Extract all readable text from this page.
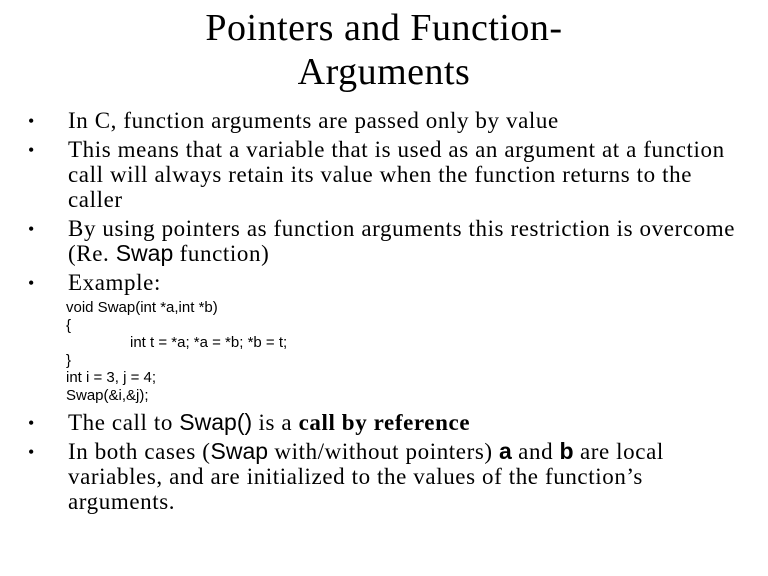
Pointers and Function-
Arguments
• In C, function arguments are passed only by value
• This means that a variable that is used as an argument at a function call will always retain its value when the function returns to the caller
• By using pointers as function arguments this restriction is overcome (Re. Swap function)
• Example:
void Swap(int *a,int *b)
{
int t = *a; *a = *b; *b = t;
}
int i = 3, j = 4;
Swap(&i,&j);
• The call to Swap() is a call by reference
• In both cases (Swap with/without pointers) a and b are local variables, and are initialized to the values of the function’s arguments.
